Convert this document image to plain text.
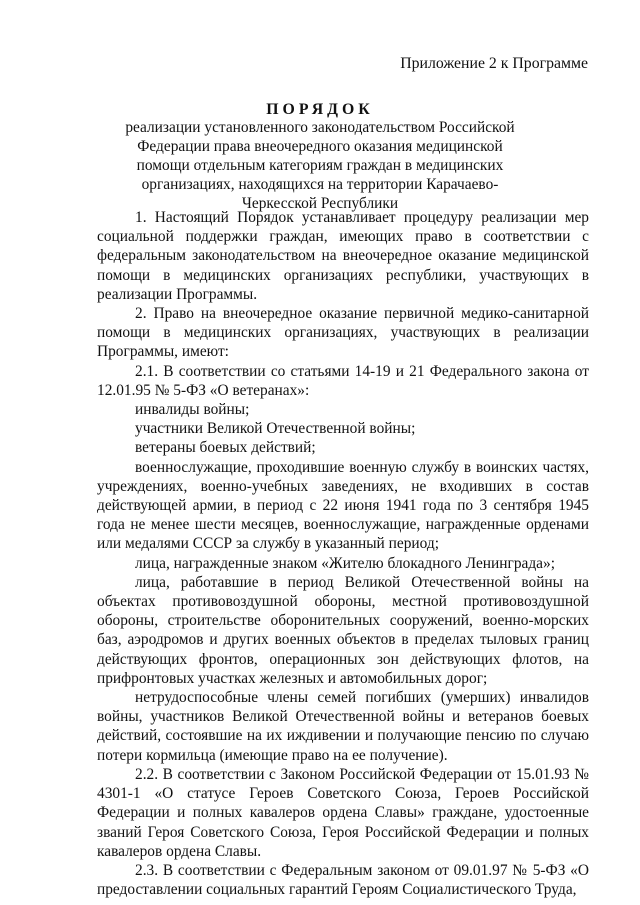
Приложение 2 к Программе
ПОРЯДОК
реализации установленного законодательством Российской Федерации права внеочередного оказания медицинской помощи отдельным категориям граждан в медицинских организациях, находящихся на территории Карачаево-Черкесской Республики

1. Настоящий Порядок устанавливает процедуру реализации мер социальной поддержки граждан, имеющих право в соответствии с федеральным законодательством на внеочередное оказание медицинской помощи в медицинских организациях республики, участвующих в реализации Программы.

2. Право на внеочередное оказание первичной медико-санитарной помощи в медицинских организациях, участвующих в реализации Программы, имеют:

2.1. В соответствии со статьями 14-19 и 21 Федерального закона от 12.01.95 № 5-ФЗ «О ветеранах»:

инвалиды войны;

участники Великой Отечественной войны;

ветераны боевых действий;

военнослужащие, проходившие военную службу в воинских частях, учреждениях, военно-учебных заведениях, не входивших в состав действующей армии, в период с 22 июня 1941 года по 3 сентября 1945 года не менее шести месяцев, военнослужащие, награжденные орденами или медалями СССР за службу в указанный период;

лица, награжденные знаком «Жителю блокадного Ленинграда»;

лица, работавшие в период Великой Отечественной войны на объектах противовоздушной обороны, местной противовоздушной обороны, строительстве оборонительных сооружений, военно-морских баз, аэродромов и других военных объектов в пределах тыловых границ действующих фронтов, операционных зон действующих флотов, на прифронтовых участках железных и автомобильных дорог;

нетрудоспособные члены семей погибших (умерших) инвалидов войны, участников Великой Отечественной войны и ветеранов боевых действий, состоявшие на их иждивении и получающие пенсию по случаю потери кормильца (имеющие право на ее получение).

2.2. В соответствии с Законом Российской Федерации от 15.01.93 № 4301-1 «О статусе Героев Советского Союза, Героев Российской Федерации и полных кавалеров ордена Славы» граждане, удостоенные званий Героя Советского Союза, Героя Российской Федерации и полных кавалеров ордена Славы.

2.3. В соответствии с Федеральным законом от 09.01.97 № 5-ФЗ «О предоставлении социальных гарантий Героям Социалистического Труда,
